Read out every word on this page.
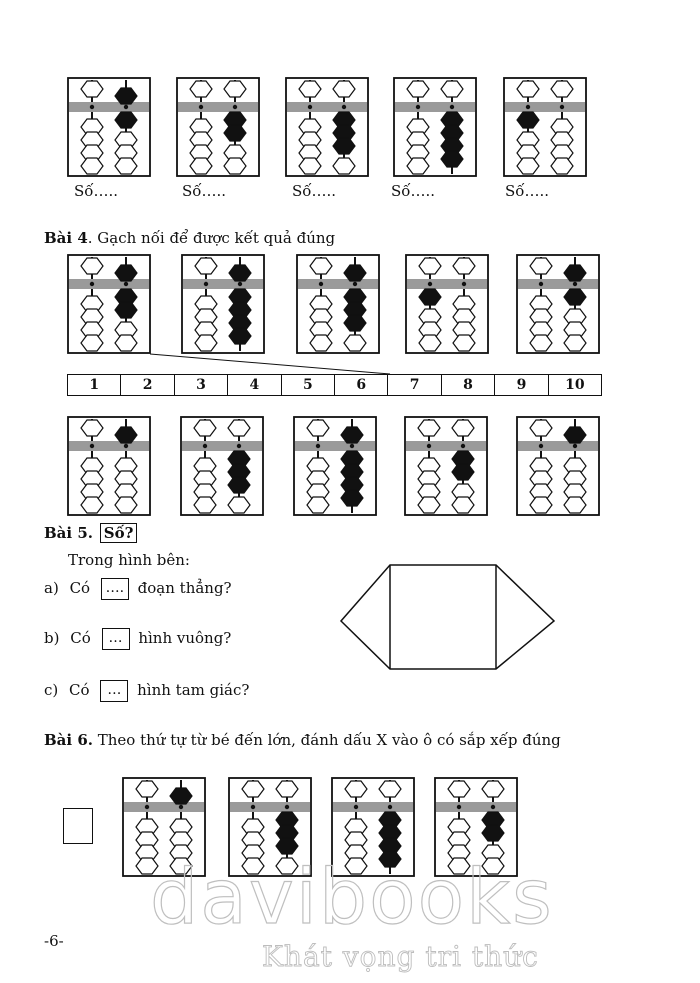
Số…..	Số…..	Số…..	Số…..	Số…..
Bài 4. Gạch nối để được kết quả đúng
1	2	3	4	5	6	7	8	9	10
Bài 5. Số?
Trong hình bên:
a) Có …. đoạn thẳng?
b) Có … hình vuông?
c) Có … hình tam giác?
Bài 6. Theo thứ tự từ bé đến lớn, đánh dấu X vào ô có sắp xếp đúng
-6- davibooks
Khát vọng tri thức
